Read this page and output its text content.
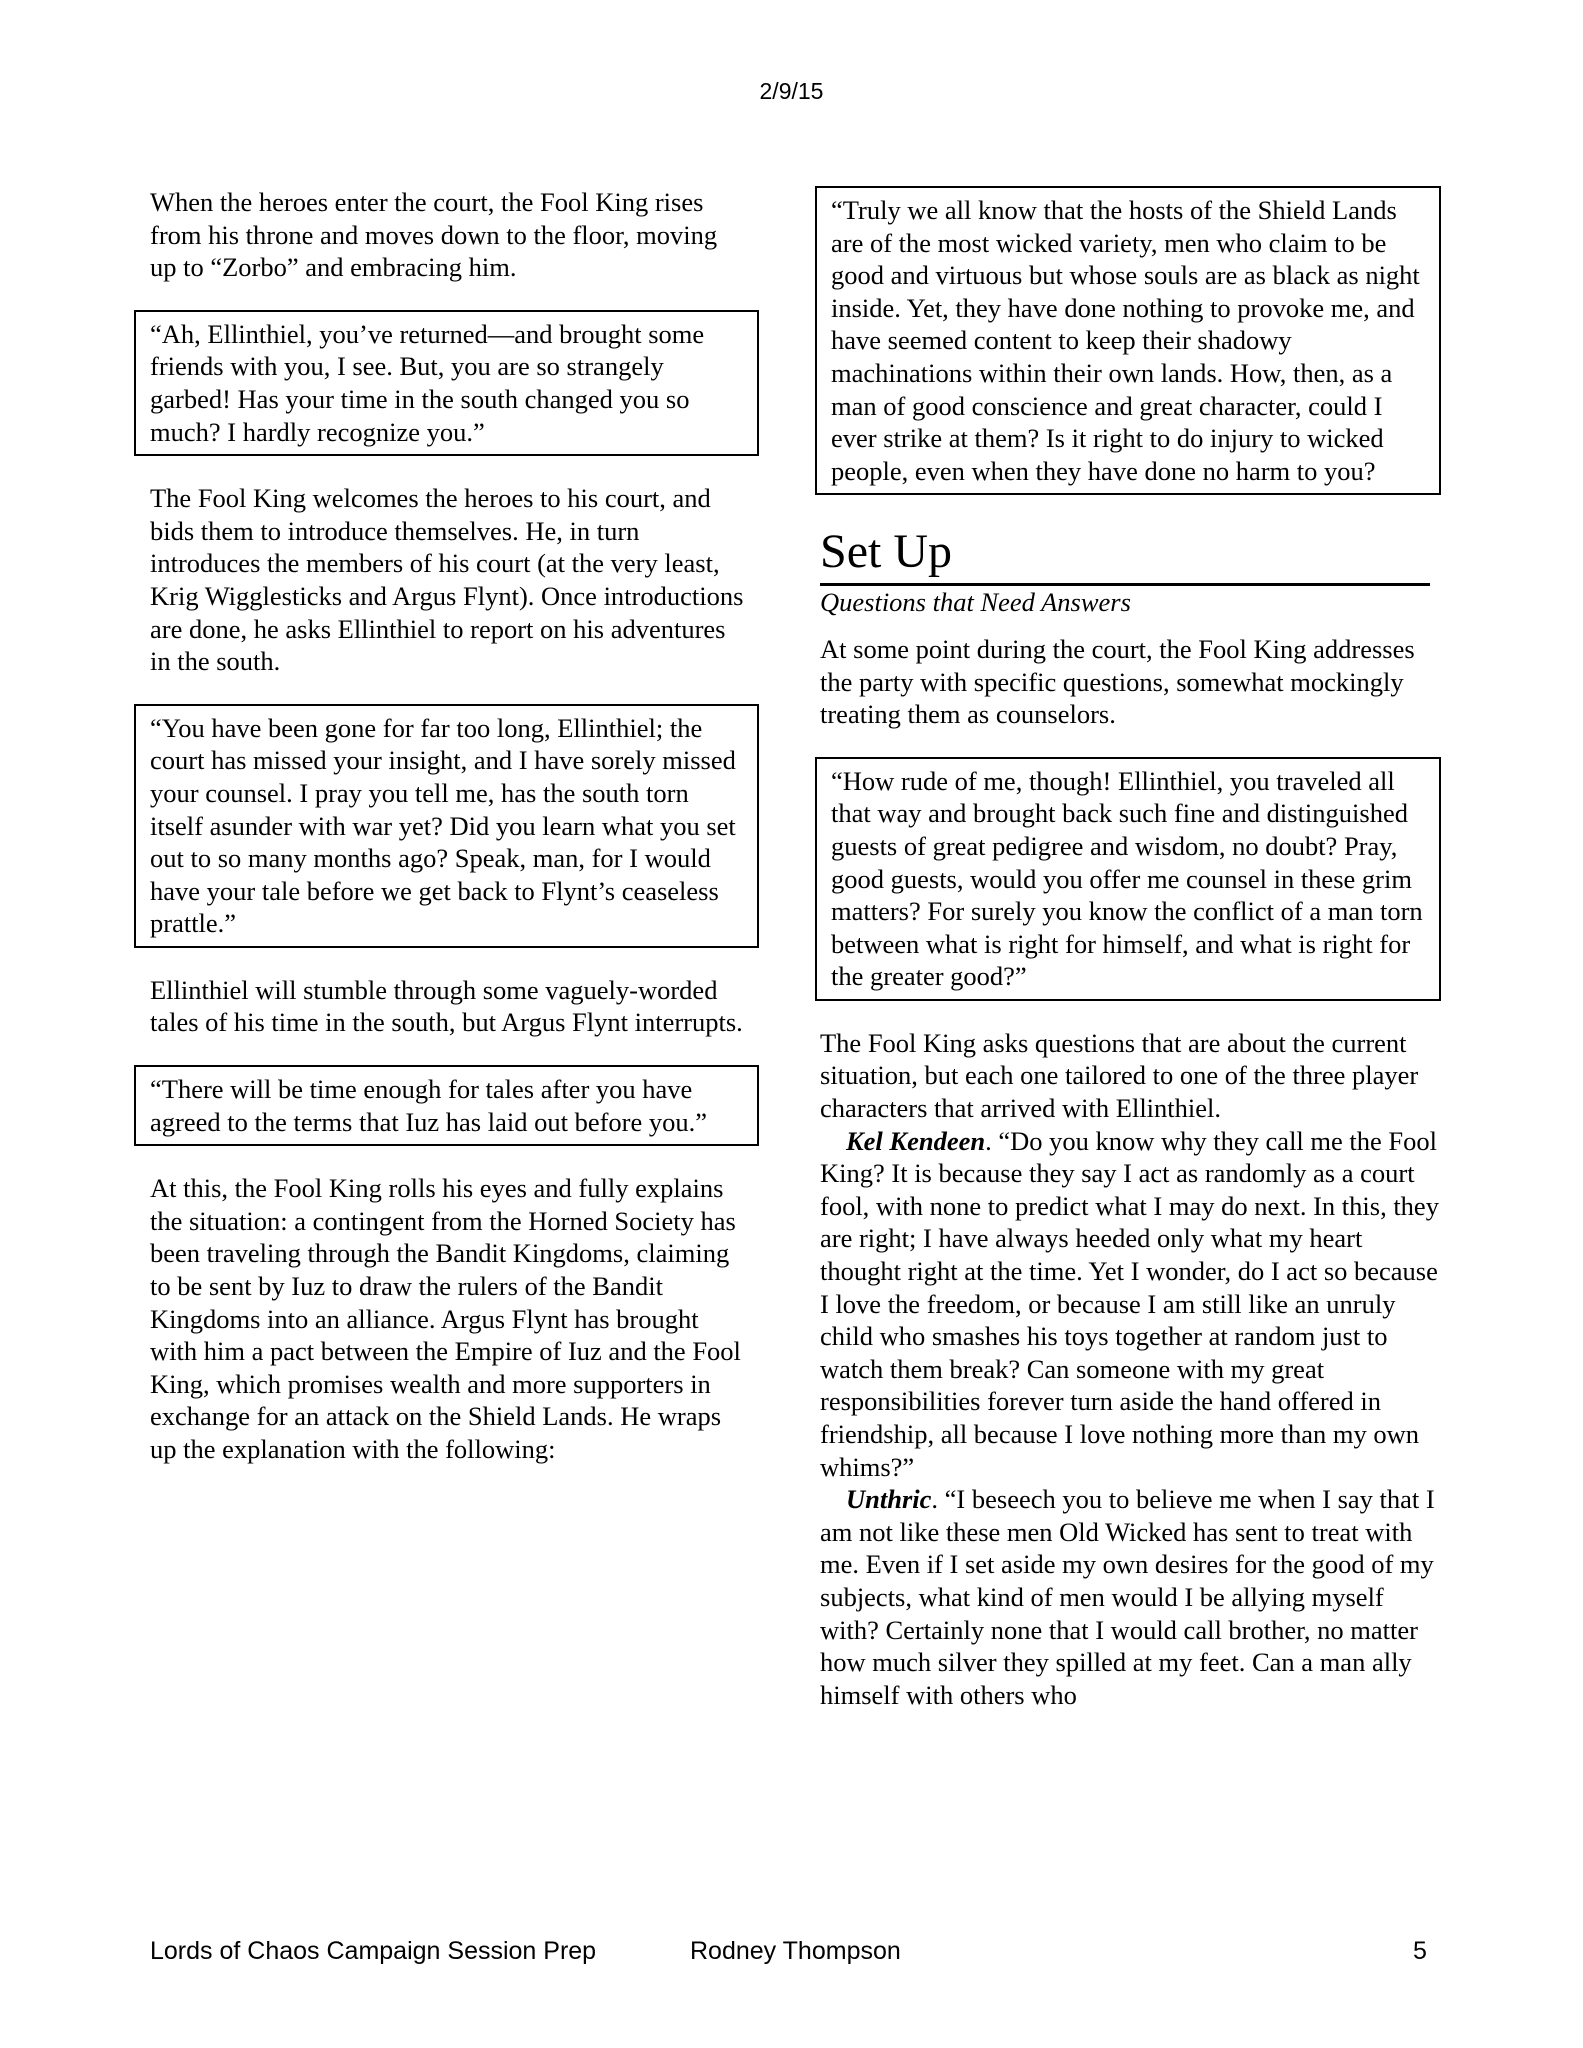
2/9/15

When the heroes enter the court, the Fool King rises from his throne and moves down to the floor, moving up to “Zorbo” and embracing him.

“Ah, Ellinthiel, you’ve returned—and brought some friends with you, I see. But, you are so strangely garbed! Has your time in the south changed you so much? I hardly recognize you.”

The Fool King welcomes the heroes to his court, and bids them to introduce themselves. He, in turn introduces the members of his court (at the very least, Krig Wigglesticks and Argus Flynt). Once introductions are done, he asks Ellinthiel to report on his adventures in the south.

“You have been gone for far too long, Ellinthiel; the court has missed your insight, and I have sorely missed your counsel. I pray you tell me, has the south torn itself asunder with war yet? Did you learn what you set out to so many months ago? Speak, man, for I would have your tale before we get back to Flynt’s ceaseless prattle.”

Ellinthiel will stumble through some vaguely-worded tales of his time in the south, but Argus Flynt interrupts.

“There will be time enough for tales after you have agreed to the terms that Iuz has laid out before you.”

At this, the Fool King rolls his eyes and fully explains the situation: a contingent from the Horned Society has been traveling through the Bandit Kingdoms, claiming to be sent by Iuz to draw the rulers of the Bandit Kingdoms into an alliance. Argus Flynt has brought with him a pact between the Empire of Iuz and the Fool King, which promises wealth and more supporters in exchange for an attack on the Shield Lands. He wraps up the explanation with the following:

“Truly we all know that the hosts of the Shield Lands are of the most wicked variety, men who claim to be good and virtuous but whose souls are as black as night inside. Yet, they have done nothing to provoke me, and have seemed content to keep their shadowy machinations within their own lands. How, then, as a man of good conscience and great character, could I ever strike at them? Is it right to do injury to wicked people, even when they have done no harm to you?

Set Up

Questions that Need Answers

At some point during the court, the Fool King addresses the party with specific questions, somewhat mockingly treating them as counselors.

“How rude of me, though! Ellinthiel, you traveled all that way and brought back such fine and distinguished guests of great pedigree and wisdom, no doubt? Pray, good guests, would you offer me counsel in these grim matters? For surely you know the conflict of a man torn between what is right for himself, and what is right for the greater good?”

The Fool King asks questions that are about the current situation, but each one tailored to one of the three player characters that arrived with Ellinthiel.

Kel Kendeen. “Do you know why they call me the Fool King? It is because they say I act as randomly as a court fool, with none to predict what I may do next. In this, they are right; I have always heeded only what my heart thought right at the time. Yet I wonder, do I act so because I love the freedom, or because I am still like an unruly child who smashes his toys together at random just to watch them break? Can someone with my great responsibilities forever turn aside the hand offered in friendship, all because I love nothing more than my own whims?”

Unthric. “I beseech you to believe me when I say that I am not like these men Old Wicked has sent to treat with me. Even if I set aside my own desires for the good of my subjects, what kind of men would I be allying myself with? Certainly none that I would call brother, no matter how much silver they spilled at my feet. Can a man ally himself with others who

Lords of Chaos Campaign Session Prep	Rodney Thompson	5
